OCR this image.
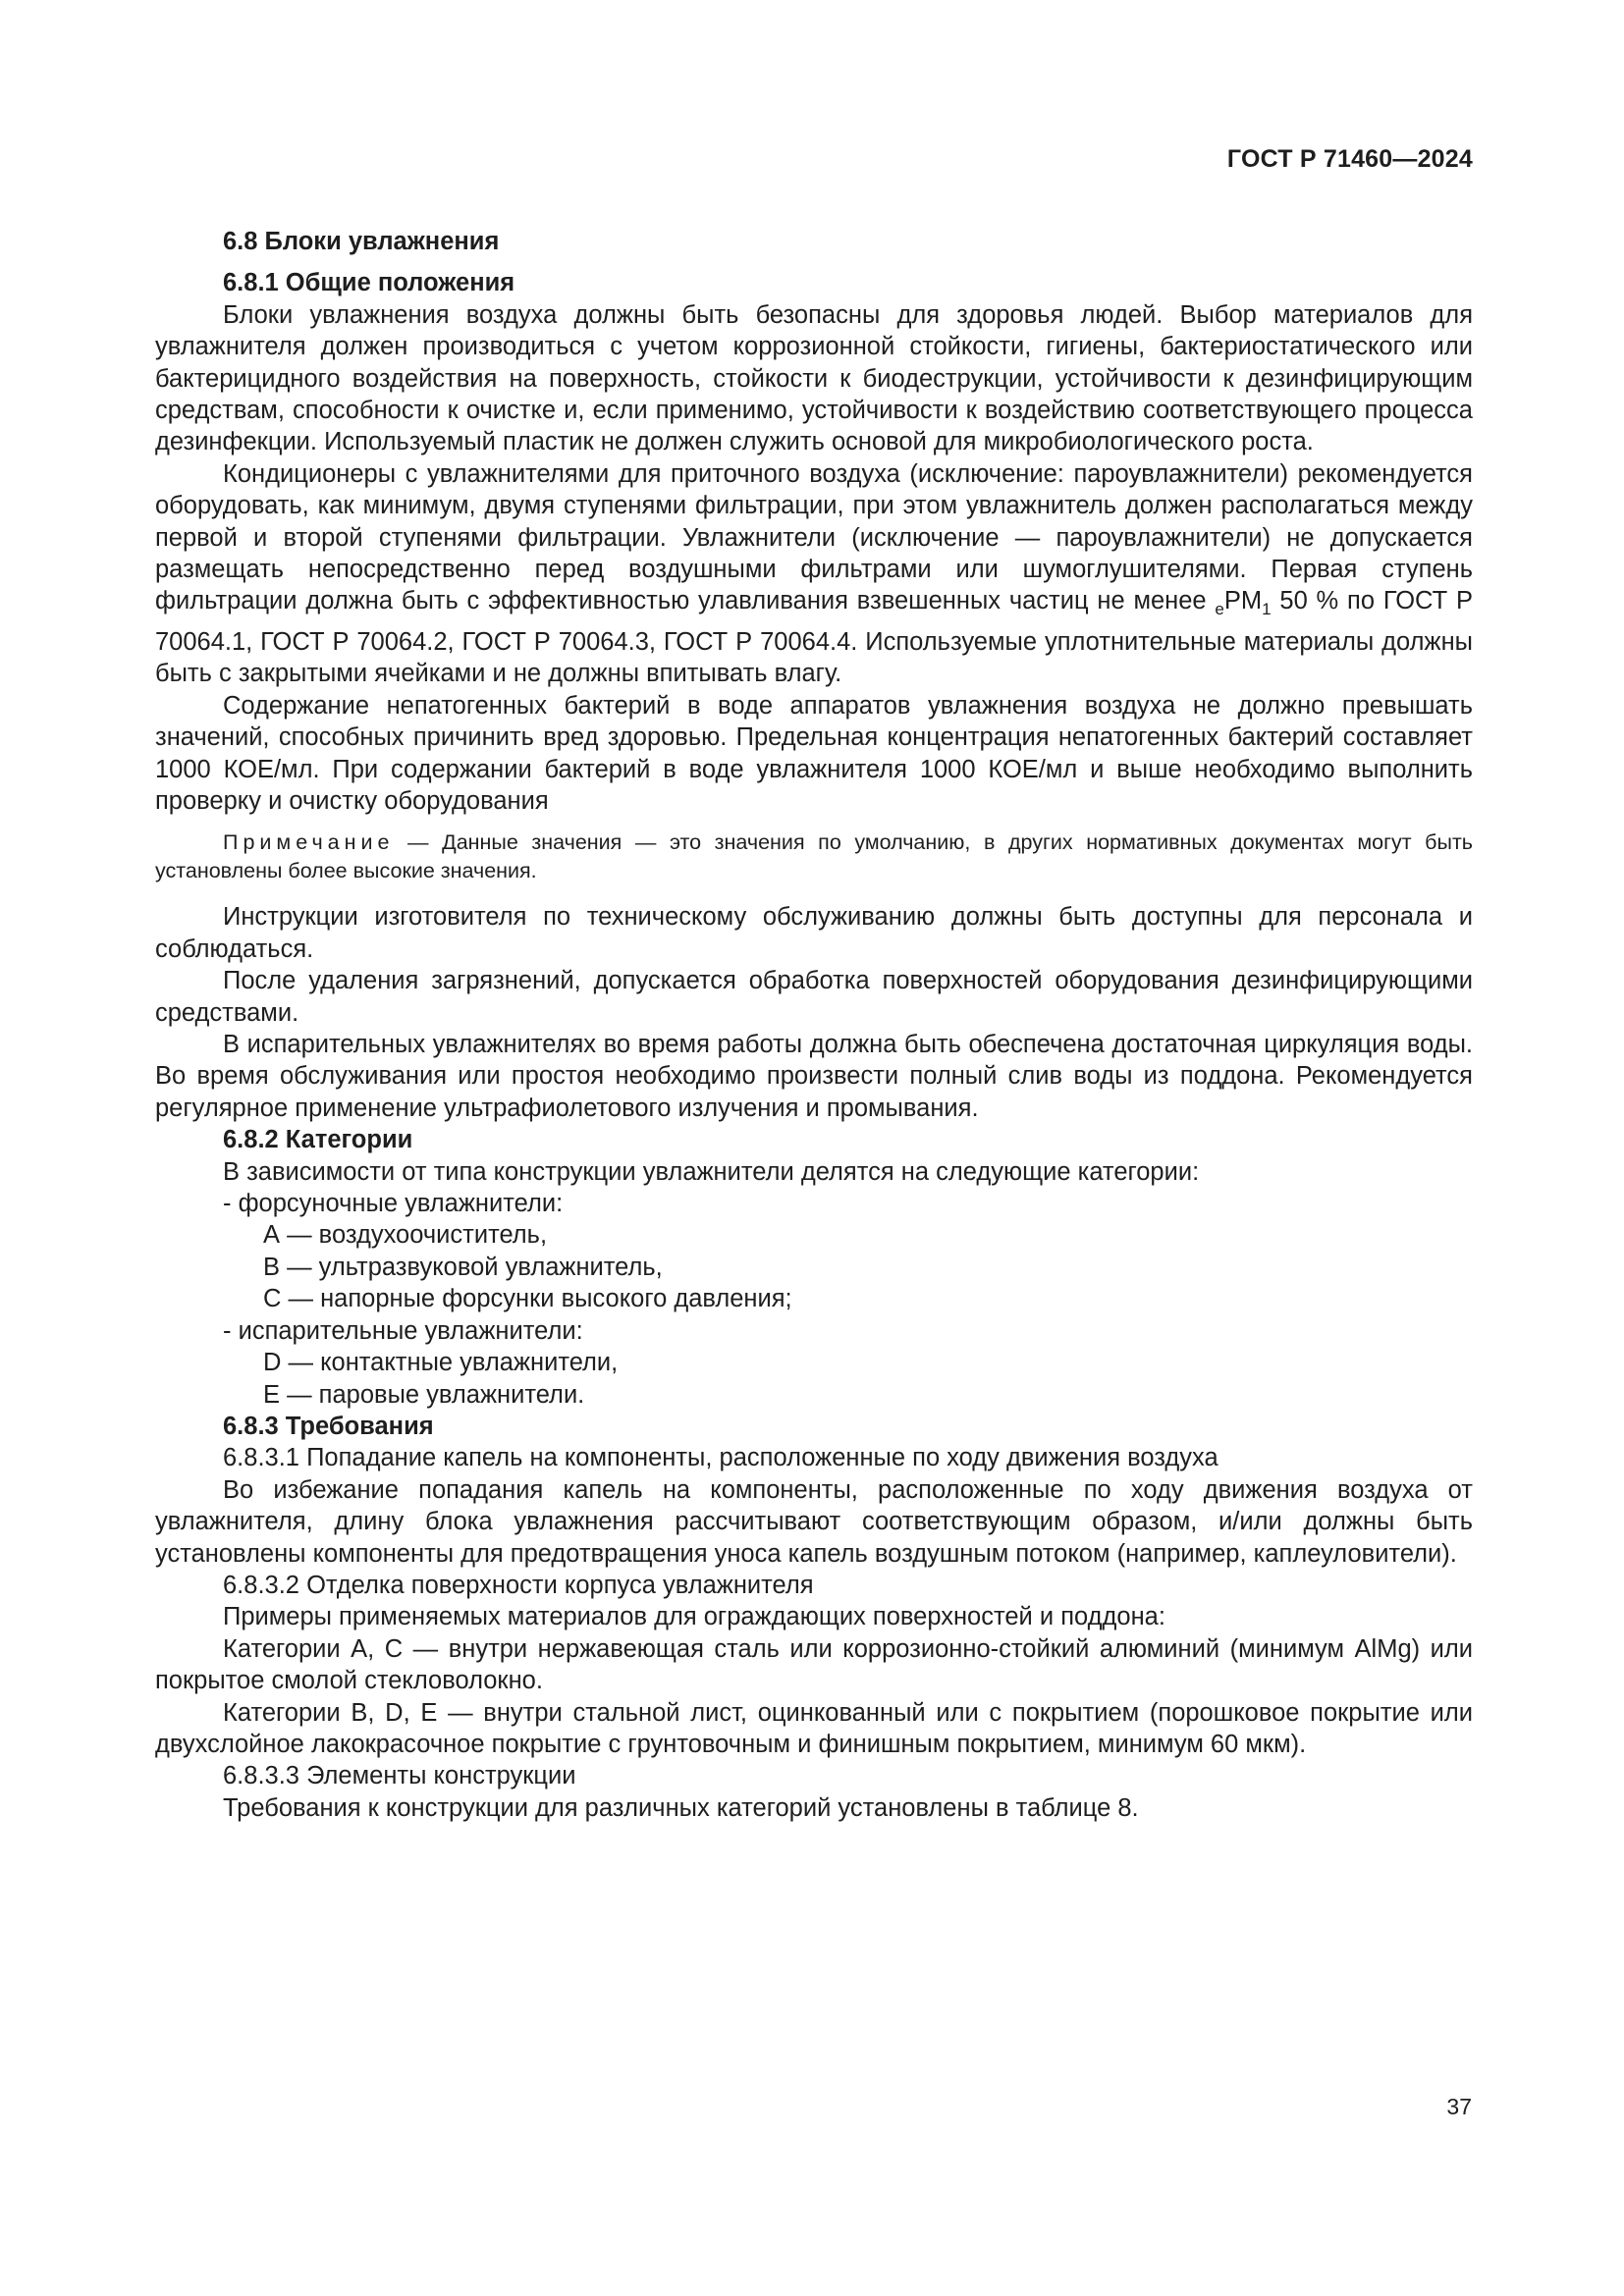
ГОСТ Р 71460—2024

6.8 Блоки увлажнения

6.8.1 Общие положения

Блоки увлажнения воздуха должны быть безопасны для здоровья людей. Выбор материалов для увлажнителя должен производиться с учетом коррозионной стойкости, гигиены, бактериостатического или бактерицидного воздействия на поверхность, стойкости к биодеструкции, устойчивости к дезинфицирующим средствам, способности к очистке и, если применимо, устойчивости к воздействию соответствующего процесса дезинфекции. Используемый пластик не должен служить основой для микробиологического роста.

Кондиционеры с увлажнителями для приточного воздуха (исключение: пароувлажнители) рекомендуется оборудовать, как минимум, двумя ступенями фильтрации, при этом увлажнитель должен располагаться между первой и второй ступенями фильтрации. Увлажнители (исключение — пароувлажнители) не допускается размещать непосредственно перед воздушными фильтрами или шумоглушителями. Первая ступень фильтрации должна быть с эффективностью улавливания взвешенных частиц не менее $_ePM_1$ 50 % по ГОСТ Р 70064.1, ГОСТ Р 70064.2, ГОСТ Р 70064.3, ГОСТ Р 70064.4. Используемые уплотнительные материалы должны быть с закрытыми ячейками и не должны впитывать влагу.

Содержание непатогенных бактерий в воде аппаратов увлажнения воздуха не должно превышать значений, способных причинить вред здоровью. Предельная концентрация непатогенных бактерий составляет 1000 КОЕ/мл. При содержании бактерий в воде увлажнителя 1000 КОЕ/мл и выше необходимо выполнить проверку и очистку оборудования

Примечание — Данные значения — это значения по умолчанию, в других нормативных документах могут быть установлены более высокие значения.

Инструкции изготовителя по техническому обслуживанию должны быть доступны для персонала и соблюдаться.

После удаления загрязнений, допускается обработка поверхностей оборудования дезинфицирующими средствами.

В испарительных увлажнителях во время работы должна быть обеспечена достаточная циркуляция воды. Во время обслуживания или простоя необходимо произвести полный слив воды из поддона. Рекомендуется регулярное применение ультрафиолетового излучения и промывания.

6.8.2 Категории

В зависимости от типа конструкции увлажнители делятся на следующие категории:

- форсуночные увлажнители:

А — воздухоочиститель,

В — ультразвуковой увлажнитель,

С — напорные форсунки высокого давления;

- испарительные увлажнители:

D — контактные увлажнители,

Е — паровые увлажнители.

6.8.3 Требования

6.8.3.1 Попадание капель на компоненты, расположенные по ходу движения воздуха

Во избежание попадания капель на компоненты, расположенные по ходу движения воздуха от увлажнителя, длину блока увлажнения рассчитывают соответствующим образом, и/или должны быть установлены компоненты для предотвращения уноса капель воздушным потоком (например, каплеуловители).

6.8.3.2 Отделка поверхности корпуса увлажнителя

Примеры применяемых материалов для ограждающих поверхностей и поддона:

Категории А, С — внутри нержавеющая сталь или коррозионно-стойкий алюминий (минимум AlMg) или покрытое смолой стекловолокно.

Категории В, D, Е — внутри стальной лист, оцинкованный или с покрытием (порошковое покрытие или двухслойное лакокрасочное покрытие с грунтовочным и финишным покрытием, минимум 60 мкм).

6.8.3.3 Элементы конструкции

Требования к конструкции для различных категорий установлены в таблице 8.

37
